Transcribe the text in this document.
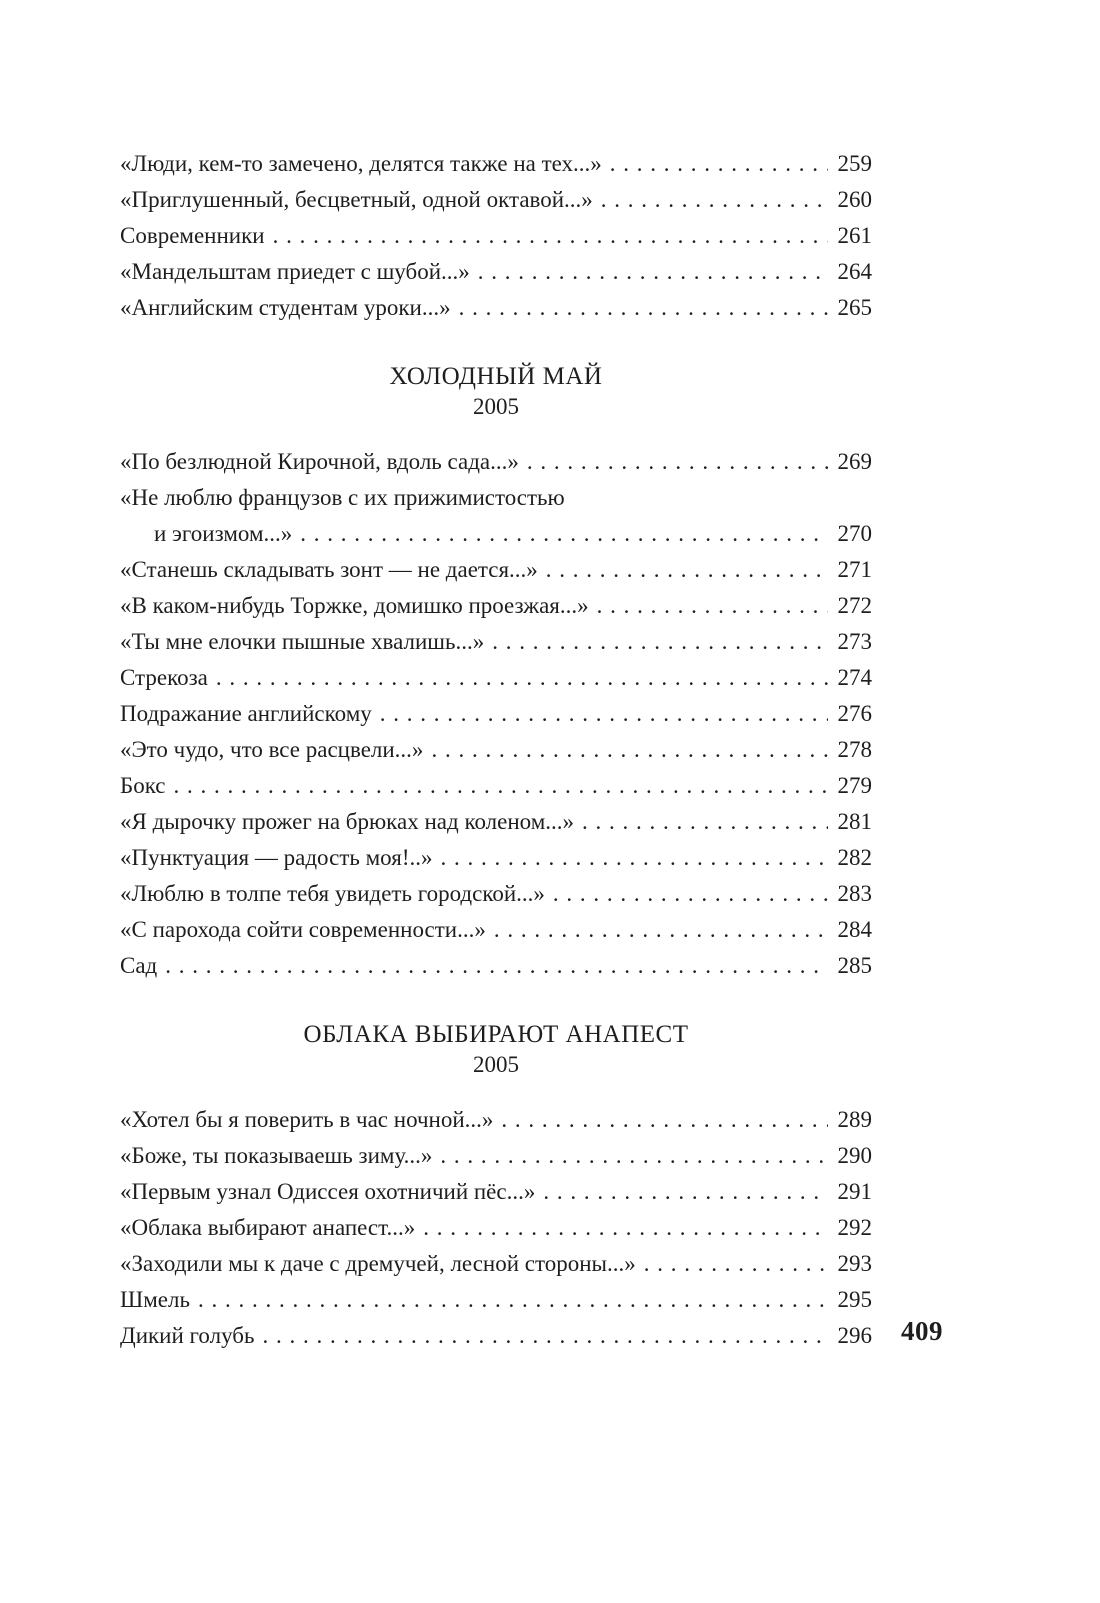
«Люди, кем-то замечено, делятся также на тех...» . . .	259
«Приглушенный, бесцветный, одной октавой...» . . .	260
Современники . . .	261
«Мандельштам приедет с шубой...» . . .	264
«Английским студентам уроки...» . . .	265
ХОЛОДНЫЙ МАЙ
2005
«По безлюдной Кирочной, вдоль сада...» . . .	269
«Не люблю французов с их прижимистостью
и эгоизмом...» . . .	270
«Станешь складывать зонт — не дается...» . . .	271
«В каком-нибудь Торжке, домишко проезжая...» . . .	272
«Ты мне елочки пышные хвалишь...» . . .	273
Стрекоза . . .	274
Подражание английскому . . .	276
«Это чудо, что все расцвели...» . . .	278
Бокс . . .	279
«Я дырочку прожег на брюках над коленом...» . . .	281
«Пунктуация — радость моя!..» . . .	282
«Люблю в толпе тебя увидеть городской...» . . .	283
«С парохода сойти современности...» . . .	284
Сад . . .	285
ОБЛАКА ВЫБИРАЮТ АНАПЕСТ
2005
«Хотел бы я поверить в час ночной...» . . .	289
«Боже, ты показываешь зиму...» . . .	290
«Первым узнал Одиссея охотничий пёс...» . . .	291
«Облака выбирают анапест...» . . .	292
«Заходили мы к даче с дремучей, лесной стороны...» . . .	293
Шмель . . .	295
Дикий голубь . . .	296 409
